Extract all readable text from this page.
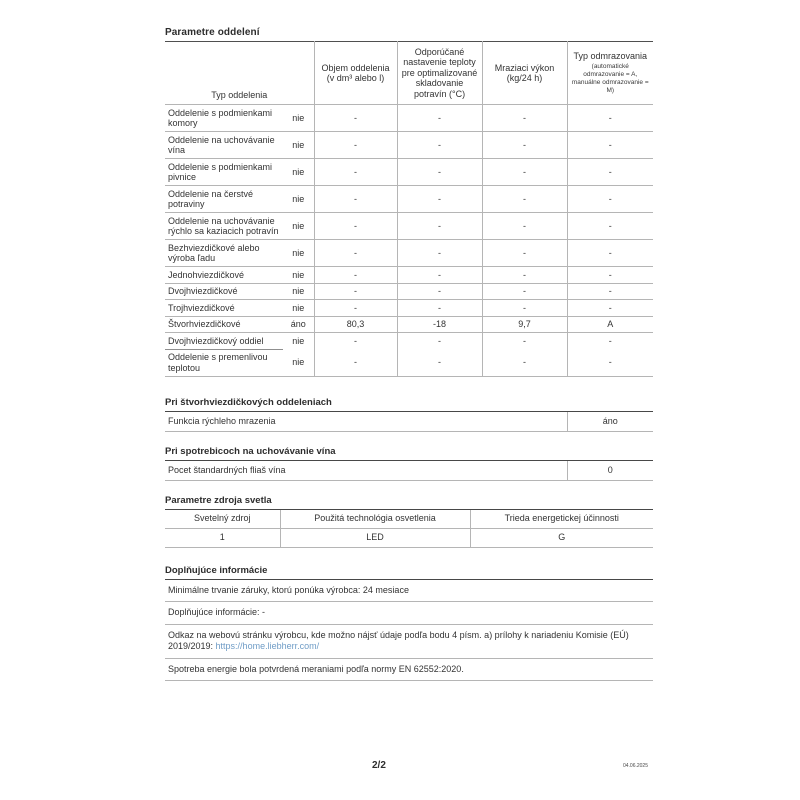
Parametre oddelení
Typ oddelenia		Objem oddelenia (v dm³ alebo l)	Odporúčané nastavenie teploty pre optimalizované skladovanie potravín (°C)	Mraziaci výkon (kg/24 h)	Typ odmrazovania
(automatické odmrazovanie = A, manuálne odmrazovanie = M)

Oddelenie s podmienkami komory	nie	-	-	-	-
Oddelenie na uchovávanie vína	nie	-	-	-	-
Oddelenie s podmienkami pivnice	nie	-	-	-	-
Oddelenie na čerstvé potraviny	nie	-	-	-	-
Oddelenie na uchovávanie rýchlo sa kaziacich potravín	nie	-	-	-	-
Bezhviezdičkové alebo výroba ľadu	nie	-	-	-	-
Jednohviezdičkové	nie	-	-	-	-
Dvojhviezdičkové	nie	-	-	-	-
Trojhviezdičkové	nie	-	-	-	-
Štvorhviezdičkové	áno	80,3	-18	9,7	A
Dvojhviezdičkový oddiel	nie	-	-	-	-
Oddelenie s premenlivou teplotou	nie	-	-	-	-
Pri štvorhviezdičkových oddeleniach
Funkcia rýchleho mrazenia	áno
Pri spotrebicoch na uchovávanie vína
Pocet štandardných fliaš vína	0
Parametre zdroja svetla
Svetelný zdroj	Použitá technológia osvetlenia	Trieda energetickej účinnosti
1	LED	G
Doplňujúce informácie
Minimálne trvanie záruky, ktorú ponúka výrobca: 24 mesiace
Doplňujúce informácie: -
Odkaz na webovú stránku výrobcu, kde možno nájsť údaje podľa bodu 4 písm. a) prílohy k nariadeniu Komisie (EÚ) 2019/2019: https://home.liebherr.com/
Spotreba energie bola potvrdená meraniami podľa normy EN 62552:2020.
2/2	04.06.2025
